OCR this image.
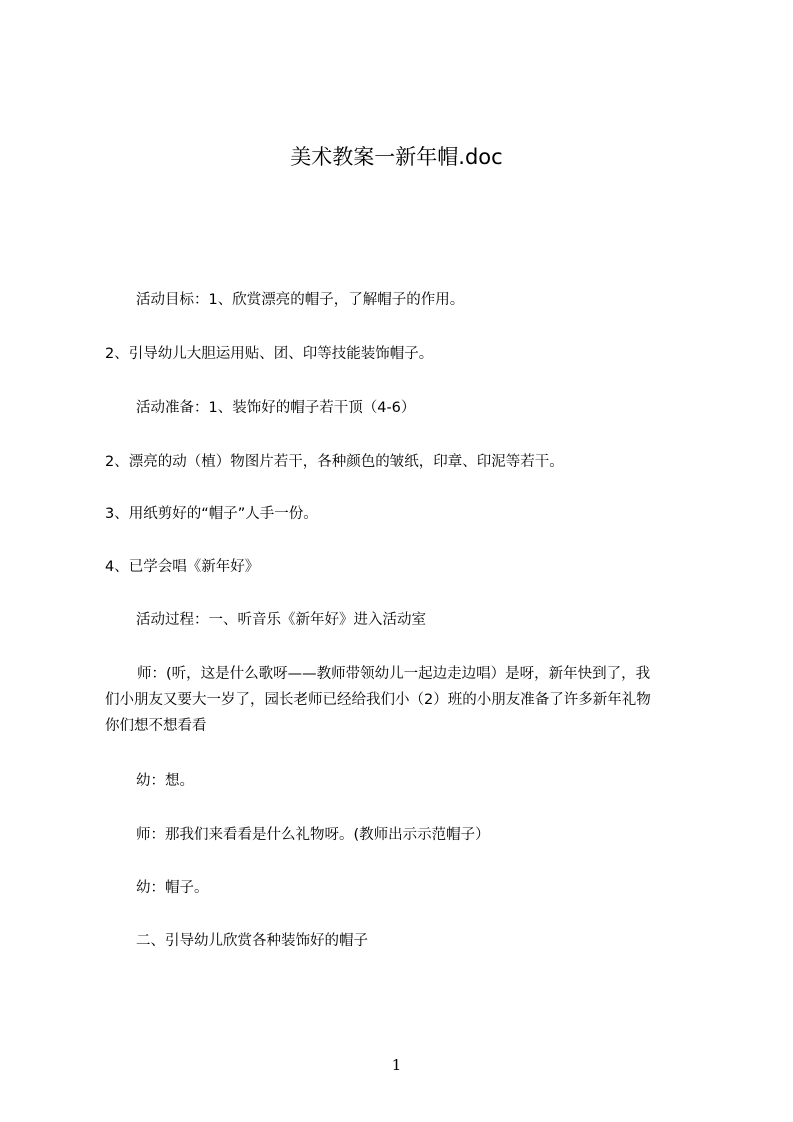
美术教案一新年帽.doc
活动目标：1、欣赏漂亮的帽子，了解帽子的作用。
2、引导幼儿大胆运用贴、团、印等技能装饰帽子。
活动准备：1、装饰好的帽子若干顶（4-6）
2、漂亮的动（植）物图片若干，各种颜色的皱纸，印章、印泥等若干。
3、用纸剪好的“帽子”人手一份。
4、已学会唱《新年好》
活动过程：一、听音乐《新年好》进入活动室
师：(听，这是什么歌呀——教师带领幼儿一起边走边唱）是呀，新年快到了，我
们小朋友又要大一岁了，园长老师已经给我们小（2）班的小朋友准备了许多新年礼物
你们想不想看看
幼：想。
师：那我们来看看是什么礼物呀。(教师出示示范帽子）
幼：帽子。
二、引导幼儿欣赏各种装饰好的帽子
1
